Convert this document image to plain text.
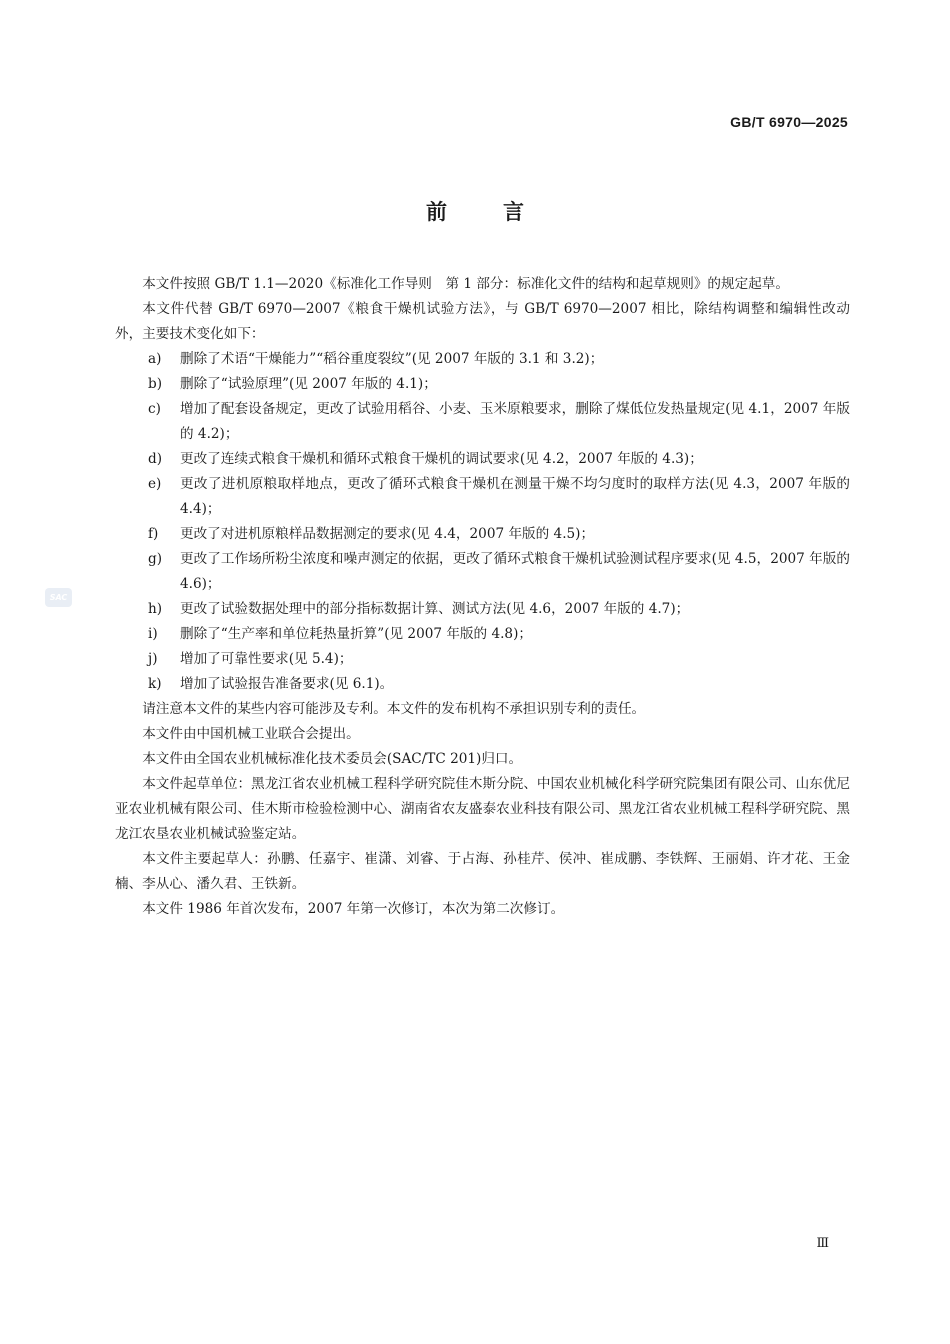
GB/T 6970—2025
前言
SAC

本文件按照 GB/T 1.1—2020《标准化工作导则　第 1 部分：标准化文件的结构和起草规则》的规定起草。

本文件代替 GB/T 6970—2007《粮食干燥机试验方法》，与 GB/T 6970—2007 相比，除结构调整和编辑性改动外，主要技术变化如下：

a)	删除了术语“干燥能力”“稻谷重度裂纹”(见 2007 年版的 3.1 和 3.2)；
b)	删除了“试验原理”(见 2007 年版的 4.1)；
c)	增加了配套设备规定，更改了试验用稻谷、小麦、玉米原粮要求，删除了煤低位发热量规定(见 4.1，2007 年版的 4.2)；
d)	更改了连续式粮食干燥机和循环式粮食干燥机的调试要求(见 4.2，2007 年版的 4.3)；
e)	更改了进机原粮取样地点，更改了循环式粮食干燥机在测量干燥不均匀度时的取样方法(见 4.3，2007 年版的 4.4)；
f)	更改了对进机原粮样品数据测定的要求(见 4.4，2007 年版的 4.5)；
g)	更改了工作场所粉尘浓度和噪声测定的依据，更改了循环式粮食干燥机试验测试程序要求(见 4.5，2007 年版的 4.6)；
h)	更改了试验数据处理中的部分指标数据计算、测试方法(见 4.6，2007 年版的 4.7)；
i)	删除了“生产率和单位耗热量折算”(见 2007 年版的 4.8)；
j)	增加了可靠性要求(见 5.4)；
k)	增加了试验报告准备要求(见 6.1)。

请注意本文件的某些内容可能涉及专利。本文件的发布机构不承担识别专利的责任。

本文件由中国机械工业联合会提出。

本文件由全国农业机械标准化技术委员会(SAC/TC 201)归口。

本文件起草单位：黑龙江省农业机械工程科学研究院佳木斯分院、中国农业机械化科学研究院集团有限公司、山东优尼亚农业机械有限公司、佳木斯市检验检测中心、湖南省农友盛泰农业科技有限公司、黑龙江省农业机械工程科学研究院、黑龙江农垦农业机械试验鉴定站。

本文件主要起草人：孙鹏、任嘉宇、崔潇、刘睿、于占海、孙桂芹、侯冲、崔成鹏、李铁辉、王丽娟、许才花、王金楠、李从心、潘久君、王铁新。

本文件 1986 年首次发布，2007 年第一次修订，本次为第二次修订。

Ⅲ
